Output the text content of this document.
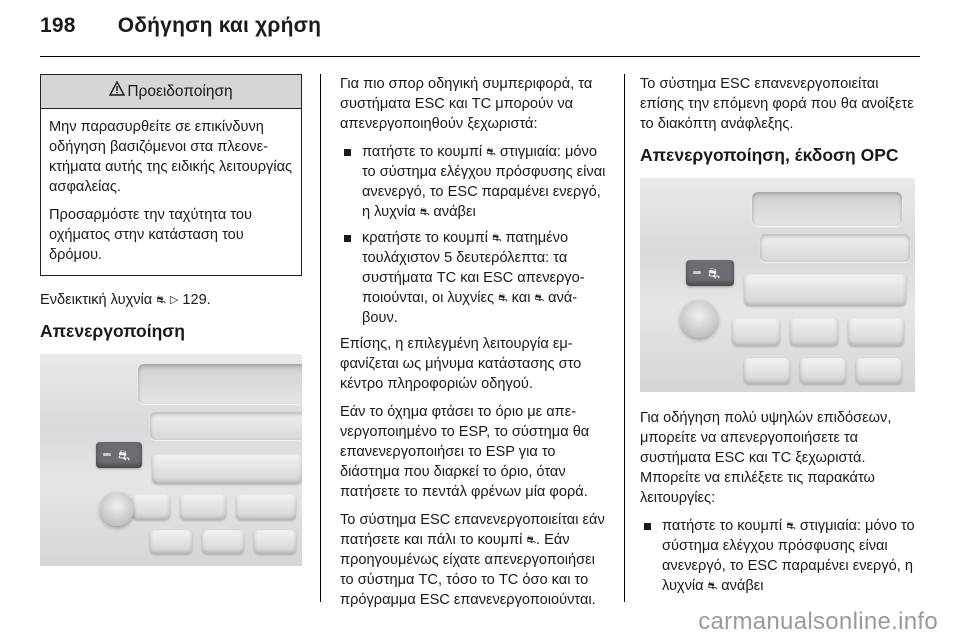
198 Οδήγηση και χρήση
Προειδοποίηση

Μην παρασυρθείτε σε επικίνδυνη οδήγηση βασιζόμενοι στα πλεονεκτήματα αυτής της ειδικής λειτουργίας ασφαλείας.

Προσαρμόστε την ταχύτητα του οχήματος στην κατάσταση του δρόμου.

Ενδεικτική λυχνία ⛐ ▷ 129.

Απενεργοποίηση
⛐

Για πιο σπορ οδηγική συμπεριφορά, τα συστήματα ESC και TC μπορούν να απενεργοποιηθούν ξεχωριστά:

πατήστε το κουμπί ⛐ στιγμιαία: μόνο το σύστημα ελέγχου πρόσφυσης είναι ανενεργό, το ESC παραμένει ενεργό, η λυχνία ⛐ ανάβει
κρατήστε το κουμπί ⛐ πατημένο τουλάχιστον 5 δευτερόλεπτα: τα συστήματα TC και ESC απενεργοποιούνται, οι λυχνίες ⛐ και ⛐ ανάβουν.

Επίσης, η επιλεγμένη λειτουργία εμφανίζεται ως μήνυμα κατάστασης στο κέντρο πληροφοριών οδηγού.

Εάν το όχημα φτάσει το όριο με απενεργοποιημένο το ESP, το σύστημα θα επανενεργοποιήσει το ESP για το διάστημα που διαρκεί το όριο, όταν πατήσετε το πεντάλ φρένων μία φορά.

Το σύστημα ESC επανενεργοποιείται εάν πατήσετε και πάλι το κουμπί ⛐. Εάν προηγουμένως είχατε απενεργοποιήσει το σύστημα TC, τόσο το TC όσο και το πρόγραμμα ESC επανενεργοποιούνται.

Το σύστημα ESC επανενεργοποιείται επίσης την επόμενη φορά που θα ανοίξετε το διακόπτη ανάφλεξης.

Απενεργοποίηση, έκδοση OPC
⛐

Για οδήγηση πολύ υψηλών επιδόσεων, μπορείτε να απενεργοποιήσετε τα συστήματα ESC και TC ξεχωριστά. Μπορείτε να επιλέξετε τις παρακάτω λειτουργίες:

πατήστε το κουμπί ⛐ στιγμιαία: μόνο το σύστημα ελέγχου πρόσφυσης είναι ανενεργό, το ESC παραμένει ενεργό, η λυχνία ⛐ ανάβει
carmanualsonline.info
